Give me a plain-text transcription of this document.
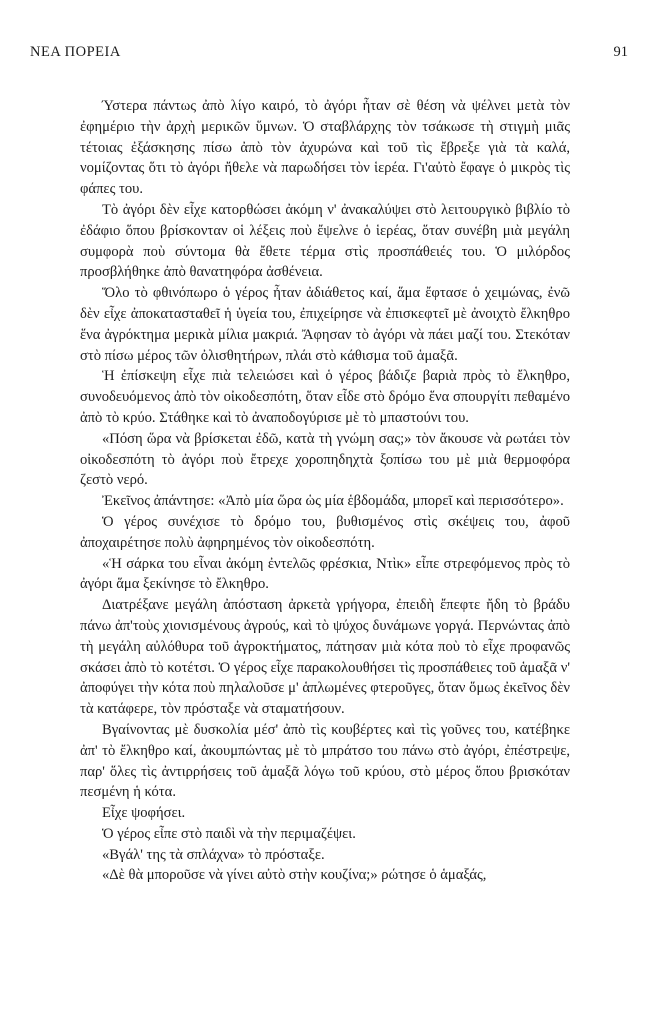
ΝΕΑ ΠΟΡΕΙΑ	91

Ύστερα πάντως ἀπὸ λίγο καιρό, τὸ ἀγόρι ἦταν σὲ θέση νὰ ψέλνει μετὰ τὸν ἐφημέριο τὴν ἀρχὴ μερικῶν ὕμνων. Ὁ σταβλάρχης τὸν τσάκωσε τὴ στιγμὴ μιᾶς τέτοιας ἐξάσκησης πίσω ἀπὸ τὸν ἀχυρώνα καὶ τοῦ τὶς ἔβρεξε γιὰ τὰ καλά, νομίζοντας ὅτι τὸ ἀγόρι ἤθελε νὰ παρωδήσει τὸν ἱερέα. Γι'αὐτὸ ἔφαγε ὁ μικρὸς τὶς φάπες του.

Τὸ ἀγόρι δὲν εἶχε κατορθώσει ἀκόμη ν' ἀνακαλύψει στὸ λειτουργικὸ βιβλίο τὸ ἐδάφιο ὅπου βρίσκονταν οἱ λέξεις ποὺ ἔψελνε ὁ ἱερέας, ὅταν συνέβη μιὰ μεγάλη συμφορὰ ποὺ σύντομα θὰ ἔθετε τέρμα στὶς προσπάθειές του. Ὁ μιλόρδος προσβλήθηκε ἀπὸ θανατηφόρα ἀσθένεια.

Ὅλο τὸ φθινόπωρο ὁ γέρος ἦταν ἀδιάθετος καί, ἅμα ἔφτασε ὁ χειμώνας, ἐνῶ δὲν εἶχε ἀποκατασταθεῖ ἡ ὑγεία του, ἐπιχείρησε νὰ ἐπισκεφτεῖ μὲ ἀνοιχτὸ ἔλκηθρο ἕνα ἀγρόκτημα μερικὰ μίλια μακριά. Ἄφησαν τὸ ἀγόρι νὰ πάει μαζί του. Στεκόταν στὸ πίσω μέρος τῶν ὀλισθητήρων, πλάι στὸ κάθισμα τοῦ ἁμαξᾶ.

Ἡ ἐπίσκεψη εἶχε πιὰ τελειώσει καὶ ὁ γέρος βάδιζε βαριὰ πρὸς τὸ ἔλκηθρο, συνοδευόμενος ἀπὸ τὸν οἰκοδεσπότη, ὅταν εἶδε στὸ δρόμο ἕνα σπουργίτι πεθαμένο ἀπὸ τὸ κρύο. Στάθηκε καὶ τὸ ἀναποδογύρισε μὲ τὸ μπαστούνι του.

«Πόση ὥρα νὰ βρίσκεται ἐδῶ, κατὰ τὴ γνώμη σας;» τὸν ἄκουσε νὰ ρωτάει τὸν οἰκοδεσπότη τὸ ἀγόρι ποὺ ἔτρεχε χοροπηδηχτὰ ξοπίσω του μὲ μιὰ θερμοφόρα ζεστὸ νερό.

Ἐκεῖνος ἀπάντησε: «Ἀπὸ μία ὥρα ὡς μία ἑβδομάδα, μπορεῖ καὶ περισσότερο».

Ὁ γέρος συνέχισε τὸ δρόμο του, βυθισμένος στὶς σκέψεις του, ἀφοῦ ἀποχαιρέτησε πολὺ ἀφηρημένος τὸν οἰκοδεσπότη.

«Ἡ σάρκα του εἶναι ἀκόμη ἐντελῶς φρέσκια, Ντὶκ» εἶπε στρεφόμενος πρὸς τὸ ἀγόρι ἅμα ξεκίνησε τὸ ἔλκηθρο.

Διατρέξανε μεγάλη ἀπόσταση ἀρκετὰ γρήγορα, ἐπειδὴ ἔπεφτε ἤδη τὸ βράδυ πάνω ἀπ'τοὺς χιονισμένους ἀγρούς, καὶ τὸ ψύχος δυνάμωνε γοργά. Περνώντας ἀπὸ τὴ μεγάλη αὐλόθυρα τοῦ ἀγροκτήματος, πάτησαν μιὰ κότα ποὺ τὸ εἶχε προφανῶς σκάσει ἀπὸ τὸ κοτέτσι. Ὁ γέρος εἶχε παρακολουθήσει τὶς προσπάθειες τοῦ ἁμαξᾶ ν' ἀποφύγει τὴν κότα ποὺ πηλαλοῦσε μ' ἁπλωμένες φτεροῦγες, ὅταν ὅμως ἐκεῖνος δὲν τὰ κατάφερε, τὸν πρόσταξε νὰ σταματήσουν.

Βγαίνοντας μὲ δυσκολία μέσ' ἀπὸ τὶς κουβέρτες καὶ τὶς γοῦνες του, κατέβηκε ἀπ' τὸ ἔλκηθρο καί, ἀκουμπώντας μὲ τὸ μπράτσο του πάνω στὸ ἀγόρι, ἐπέστρεψε, παρ' ὅλες τὶς ἀντιρρήσεις τοῦ ἁμαξᾶ λόγω τοῦ κρύου, στὸ μέρος ὅπου βρισκόταν πεσμένη ἡ κότα.

Εἶχε ψοφήσει.

Ὁ γέρος εἶπε στὸ παιδὶ νὰ τὴν περιμαζέψει.

«Βγάλ' της τὰ σπλάχνα» τὸ πρόσταξε.

«Δὲ θὰ μποροῦσε νὰ γίνει αὐτὸ στὴν κουζίνα;» ρώτησε ὁ ἁμαξάς,
